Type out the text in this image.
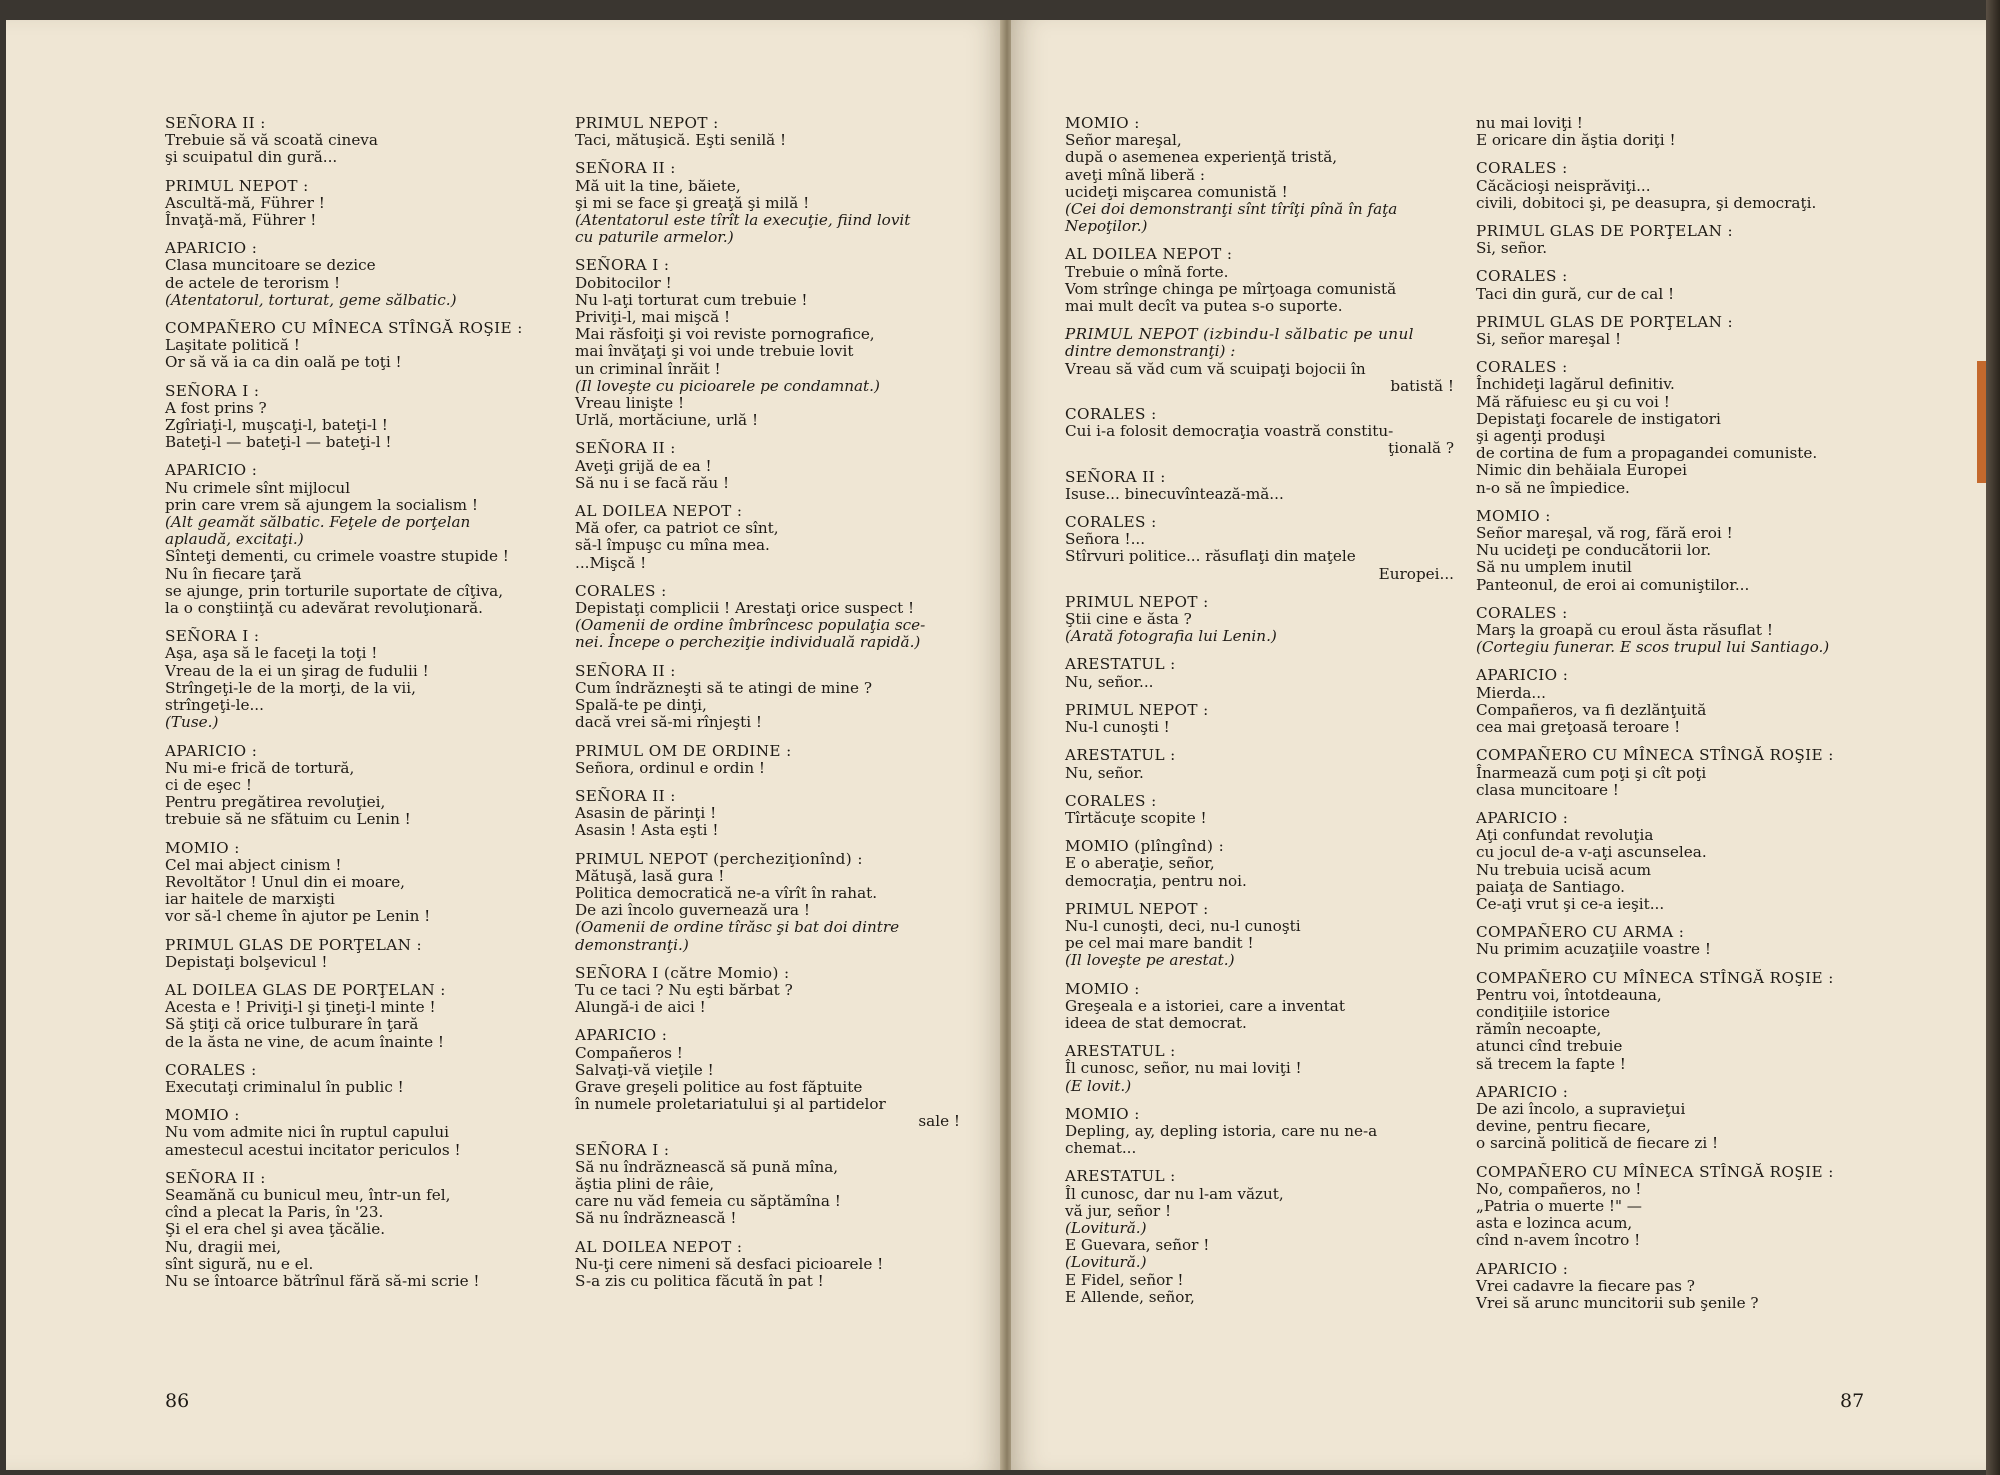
SEÑORA II :
Trebuie să vă scoată cineva
şi scuipatul din gură...
PRIMUL NEPOT :
Ascultă-mă, Führer !
Învaţă-mă, Führer !
APARICIO :
Clasa muncitoare se dezice
de actele de terorism !
(Atentatorul, torturat, geme sălbatic.)
COMPAÑERO CU MÎNECA STÎNGĂ ROŞIE :
Laşitate politică !
Or să vă ia ca din oală pe toţi !
SEÑORA I :
A fost prins ?
Zgîriaţi-l, muşcaţi-l, bateţi-l !
Bateţi-l — bateţi-l — bateţi-l !
APARICIO :
Nu crimele sînt mijlocul
prin care vrem să ajungem la socialism !
(Alt geamăt sălbatic. Feţele de porţelan
aplaudă, excitaţi.)
Sînteţi dementi, cu crimele voastre stupide !
Nu în fiecare ţară
se ajunge, prin torturile suportate de cîţiva,
la o conştiinţă cu adevărat revoluţionară.
SEÑORA I :
Aşa, aşa să le faceţi la toţi !
Vreau de la ei un şirag de fudulii !
Strîngeţi-le de la morţi, de la vii,
strîngeţi-le...
(Tuse.)
APARICIO :
Nu mi-e frică de tortură,
ci de eşec !
Pentru pregătirea revoluţiei,
trebuie să ne sfătuim cu Lenin !
MOMIO :
Cel mai abject cinism !
Revoltător ! Unul din ei moare,
iar haitele de marxişti
vor să-l cheme în ajutor pe Lenin !
PRIMUL GLAS DE PORŢELAN :
Depistaţi bolşevicul !
AL DOILEA GLAS DE PORŢELAN :
Acesta e ! Priviţi-l şi ţineţi-l minte !
Să ştiţi că orice tulburare în ţară
de la ăsta ne vine, de acum înainte !
CORALES :
Executaţi criminalul în public !
MOMIO :
Nu vom admite nici în ruptul capului
amestecul acestui incitator periculos !
SEÑORA II :
Seamănă cu bunicul meu, într-un fel,
cînd a plecat la Paris, în '23.
Şi el era chel şi avea ţăcălie.
Nu, dragii mei,
sînt sigură, nu e el.
Nu se întoarce bătrînul fără să-mi scrie !
PRIMUL NEPOT :
Taci, mătuşică. Eşti senilă !
SEÑORA II :
Mă uit la tine, băiete,
şi mi se face şi greaţă şi milă !
(Atentatorul este tîrît la execuţie, fiind lovit
cu paturile armelor.)
SEÑORA I :
Dobitocilor !
Nu l-aţi torturat cum trebuie !
Priviţi-l, mai mişcă !
Mai răsfoiţi şi voi reviste pornografice,
mai învăţaţi şi voi unde trebuie lovit
un criminal înrăit !
(Il loveşte cu picioarele pe condamnat.)
Vreau linişte !
Urlă, mortăciune, urlă !
SEÑORA II :
Aveţi grijă de ea !
Să nu i se facă rău !
AL DOILEA NEPOT :
Mă ofer, ca patriot ce sînt,
să-l împuşc cu mîna mea.
...Mişcă !
CORALES :
Depistaţi complicii ! Arestaţi orice suspect !
(Oamenii de ordine îmbrîncesc populaţia sce-
nei. Începe o percheziţie individuală rapidă.)
SEÑORA II :
Cum îndrăzneşti să te atingi de mine ?
Spală-te pe dinţi,
dacă vrei să-mi rînjeşti !
PRIMUL OM DE ORDINE :
Señora, ordinul e ordin !
SEÑORA II :
Asasin de părinţi !
Asasin ! Asta eşti !
PRIMUL NEPOT (percheziţionînd) :
Mătuşă, lasă gura !
Politica democratică ne-a vîrît în rahat.
De azi încolo guvernează ura !
(Oamenii de ordine tîrăsc şi bat doi dintre
demonstranţi.)
SEÑORA I (către Momio) :
Tu ce taci ? Nu eşti bărbat ?
Alungă-i de aici !
APARICIO :
Compañeros !
Salvaţi-vă vieţile !
Grave greşeli politice au fost făptuite
în numele proletariatului şi al partidelor
sale !
SEÑORA I :
Să nu îndrăznească să pună mîna,
ăştia plini de râie,
care nu văd femeia cu săptămîna !
Să nu îndrăznească !
AL DOILEA NEPOT :
Nu-ţi cere nimeni să desfaci picioarele !
S-a zis cu politica făcută în pat !
86
MOMIO :
Señor mareşal,
după o asemenea experienţă tristă,
aveţi mînă liberă :
ucideţi mişcarea comunistă !
(Cei doi demonstranţi sînt tîrîţi pînă în faţa
Nepoţilor.)
AL DOILEA NEPOT :
Trebuie o mînă forte.
Vom strînge chinga pe mîrţoaga comunistă
mai mult decît va putea s-o suporte.
PRIMUL NEPOT (izbindu-l sălbatic pe unul
dintre demonstranţi) :
Vreau să văd cum vă scuipaţi bojocii în
batistă !
CORALES :
Cui i-a folosit democraţia voastră constitu-
ţională ?
SEÑORA II :
Isuse... binecuvîntează-mă...
CORALES :
Señora !...
Stîrvuri politice... răsuflaţi din maţele
Europei...
PRIMUL NEPOT :
Ştii cine e ăsta ?
(Arată fotografia lui Lenin.)
ARESTATUL :
Nu, señor...
PRIMUL NEPOT :
Nu-l cunoşti !
ARESTATUL :
Nu, señor.
CORALES :
Tîrtăcuţe scopite !
MOMIO (plîngînd) :
E o aberaţie, señor,
democraţia, pentru noi.
PRIMUL NEPOT :
Nu-l cunoşti, deci, nu-l cunoşti
pe cel mai mare bandit !
(Il loveşte pe arestat.)
MOMIO :
Greşeala e a istoriei, care a inventat
ideea de stat democrat.
ARESTATUL :
Îl cunosc, señor, nu mai loviţi !
(E lovit.)
MOMIO :
Depling, ay, depling istoria, care nu ne-a
chemat...
ARESTATUL :
Îl cunosc, dar nu l-am văzut,
vă jur, señor !
(Lovitură.)
E Guevara, señor !
(Lovitură.)
E Fidel, señor !
E Allende, señor,
nu mai loviţi !
E oricare din ăştia doriţi !
CORALES :
Căcăcioşi neisprăviţi...
civili, dobitoci şi, pe deasupra, şi democraţi.
PRIMUL GLAS DE PORŢELAN :
Si, señor.
CORALES :
Taci din gură, cur de cal !
PRIMUL GLAS DE PORŢELAN :
Si, señor mareşal !
CORALES :
Închideţi lagărul definitiv.
Mă răfuiesc eu şi cu voi !
Depistaţi focarele de instigatori
şi agenţi produşi
de cortina de fum a propagandei comuniste.
Nimic din behăiala Europei
n-o să ne împiedice.
MOMIO :
Señor mareşal, vă rog, fără eroi !
Nu ucideţi pe conducătorii lor.
Să nu umplem inutil
Panteonul, de eroi ai comuniştilor...
CORALES :
Marş la groapă cu eroul ăsta răsuflat !
(Cortegiu funerar. E scos trupul lui Santiago.)
APARICIO :
Mierda...
Compañeros, va fi dezlănţuită
cea mai greţoasă teroare !
COMPAÑERO CU MÎNECA STÎNGĂ ROŞIE :
Înarmează cum poţi şi cît poţi
clasa muncitoare !
APARICIO :
Aţi confundat revoluţia
cu jocul de-a v-aţi ascunselea.
Nu trebuia ucisă acum
paiaţa de Santiago.
Ce-aţi vrut şi ce-a ieşit...
COMPAÑERO CU ARMA :
Nu primim acuzaţiile voastre !
COMPAÑERO CU MÎNECA STÎNGĂ ROŞIE :
Pentru voi, întotdeauna,
condiţiile istorice
rămîn necoapte,
atunci cînd trebuie
să trecem la fapte !
APARICIO :
De azi încolo, a supravieţui
devine, pentru fiecare,
o sarcină politică de fiecare zi !
COMPAÑERO CU MÎNECA STÎNGĂ ROŞIE :
No, compañeros, no !
„Patria o muerte !" —
asta e lozinca acum,
cînd n-avem încotro !
APARICIO :
Vrei cadavre la fiecare pas ?
Vrei să arunc muncitorii sub şenile ?
87
